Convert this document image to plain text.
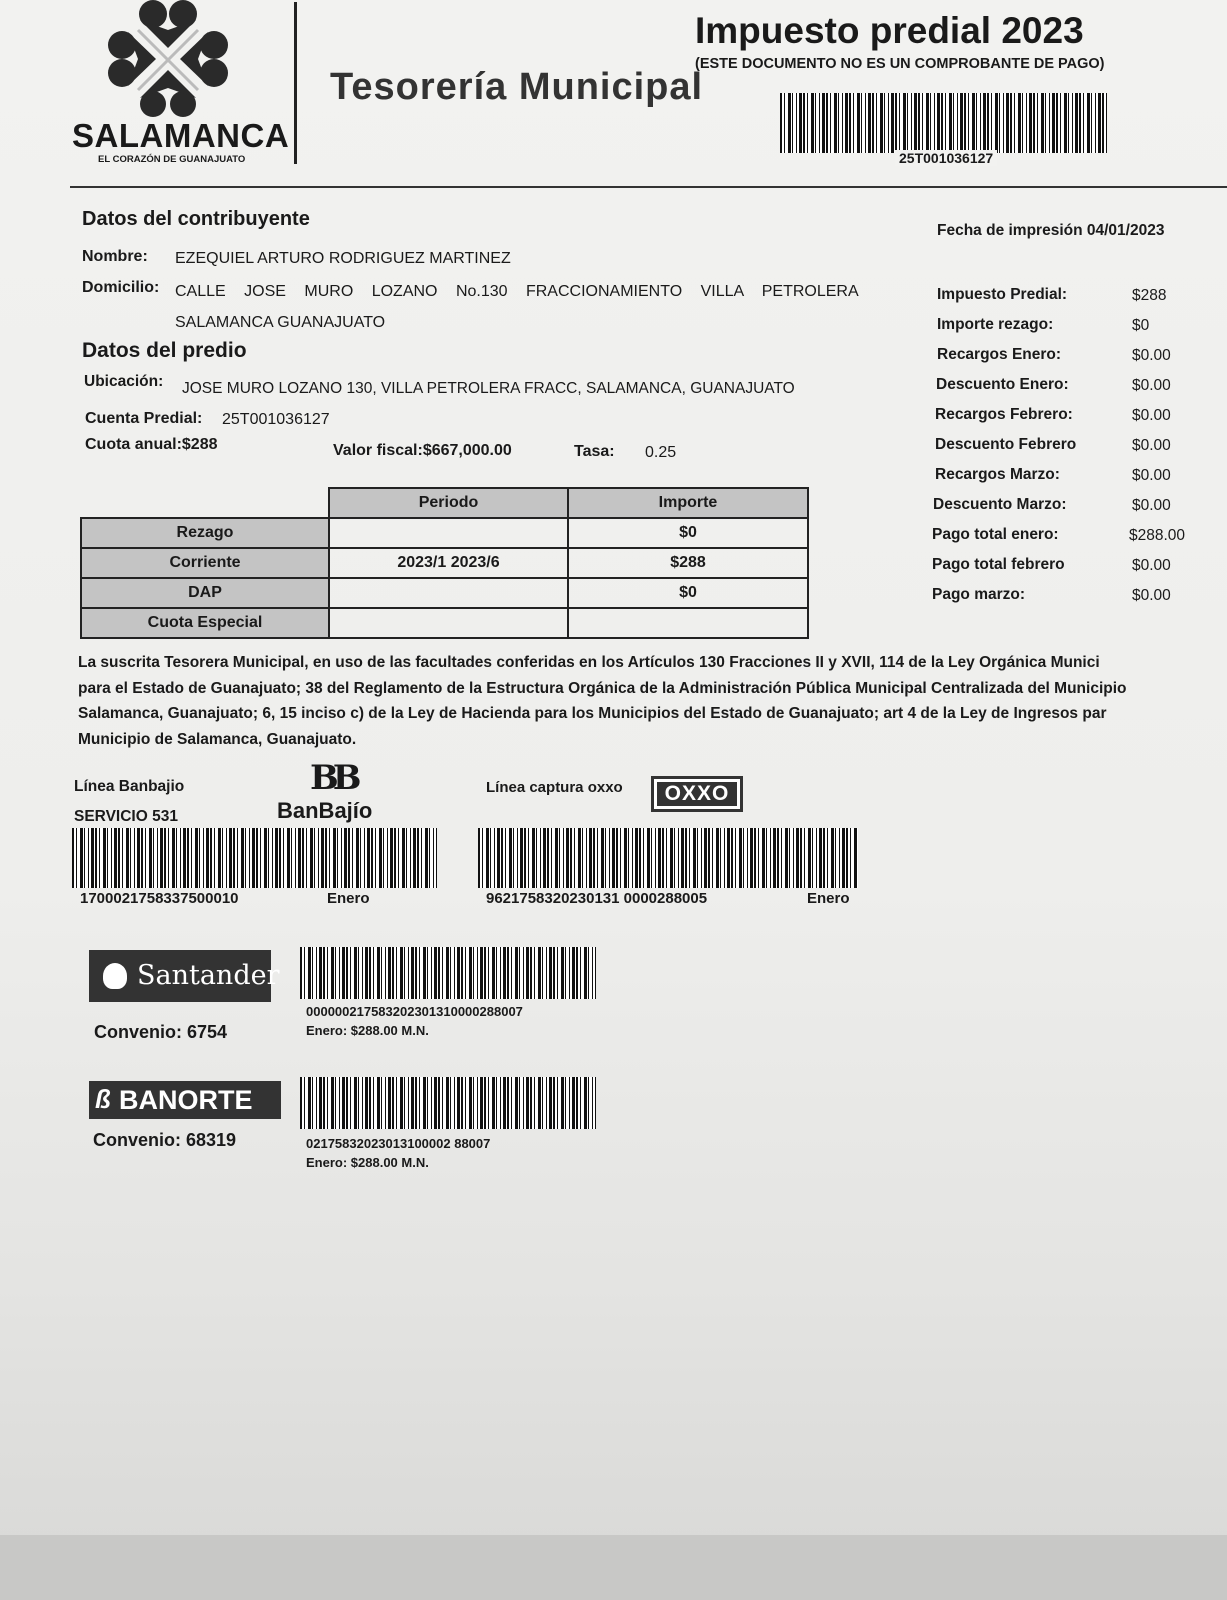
SALAMANCA
EL CORAZÓN DE GUANAJUATO
Tesorería Municipal
Impuesto predial 2023
(ESTE DOCUMENTO NO ES UN COMPROBANTE DE PAGO)
25T001036127
Datos del contribuyente
Fecha de impresión 04/01/2023
Nombre: EZEQUIEL ARTURO RODRIGUEZ MARTINEZ
Domicilio: CALLE JOSE MURO LOZANO No.130 FRACCIONAMIENTO VILLA PETROLERA
SALAMANCA GUANAJUATO
Datos del predio
Ubicación: JOSE MURO LOZANO 130, VILLA PETROLERA FRACC, SALAMANCA, GUANAJUATO
Cuenta Predial: 25T001036127
Cuota anual:$288	Valor fiscal:$667,000.00	Tasa: 0.25
Impuesto Predial:	$288
Importe rezago:	$0
Recargos Enero:	$0.00
Descuento Enero:	$0.00
Recargos Febrero:	$0.00
Descuento Febrero	$0.00
Recargos Marzo:	$0.00
Descuento Marzo:	$0.00
Pago total enero:	$288.00
Pago total febrero	$0.00
Pago marzo:	$0.00
	Periodo	Importe
Rezago		$0
Corriente	2023/1 2023/6	$288
DAP		$0
Cuota Especial		
La suscrita Tesorera Municipal, en uso de las facultades conferidas en los Artículos 130 Fracciones II y XVII, 114 de la Ley Orgánica Munici
para el Estado de Guanajuato; 38 del Reglamento de la Estructura Orgánica de la Administración Pública Municipal Centralizada del Municipio
Salamanca, Guanajuato; 6, 15 inciso c) de la Ley de Hacienda para los Municipios del Estado de Guanajuato; art 4 de la Ley de Ingresos par
Municipio de Salamanca, Guanajuato.
Línea Banbajio
SERVICIO 531
BB
BanBajío
1700021758337500010	Enero
Línea captura oxxo	OXXO
9621758320230131 0000288005	Enero
Santander
000000217583202301310000288007
Enero: $288.00 M.N.
Convenio: 6754
ß BANORTE
Convenio: 68319	02175832023013100002 88007
Enero: $288.00 M.N.
